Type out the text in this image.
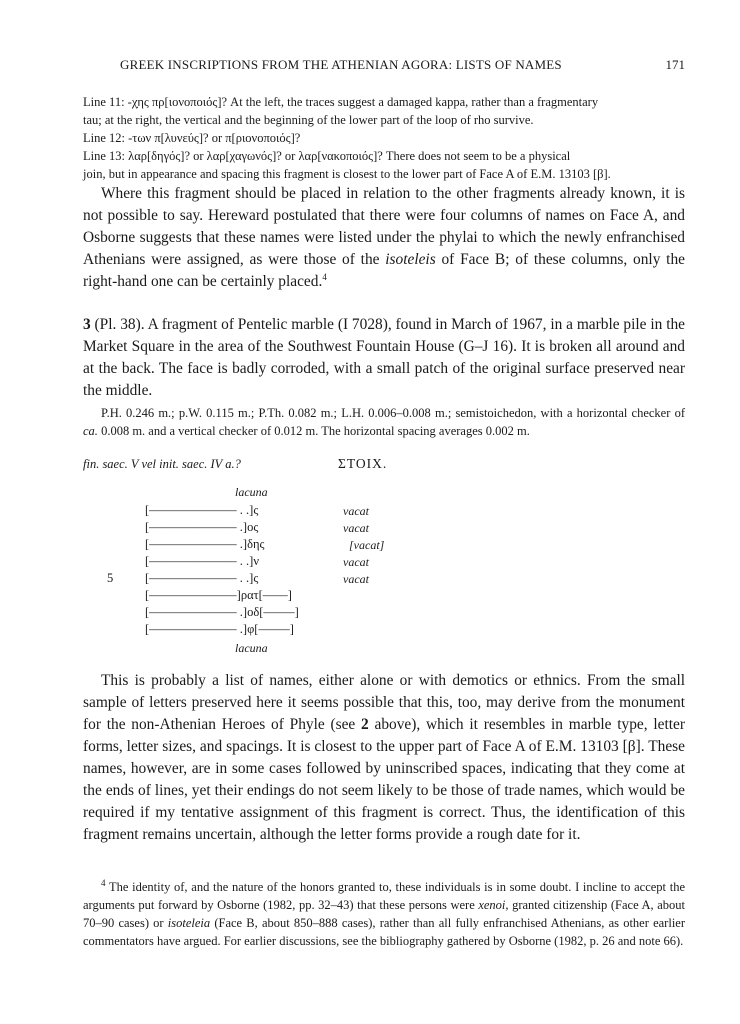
GREEK INSCRIPTIONS FROM THE ATHENIAN AGORA: LISTS OF NAMES	171

Line 11: -χ̣ης πρ[ιονοποιός]? At the left, the traces suggest a damaged kappa, rather than a fragmentary
tau; at the right, the vertical and the beginning of the lower part of the loop of rho survive.

Line 12: -των π[λυνεύς]? or π[ριονοποιός]?

Line 13: λαρ[δηγός]? or λαρ[χαγωνός]? or λαρ[νακοποιός]? There does not seem to be a physical
join, but in appearance and spacing this fragment is closest to the lower part of Face A of E.M. 13103 [β].

Where this fragment should be placed in relation to the other fragments already known, it is not possible to say. Hereward postulated that there were four columns of names on Face A, and Osborne suggests that these names were listed under the phylai to which the newly enfranchised Athenians were assigned, as were those of the isoteleis of Face B; of these columns, only the right-hand one can be certainly placed.$^4$

3 (Pl. 38). A fragment of Pentelic marble (I 7028), found in March of 1967, in a marble pile in the Market Square in the area of the Southwest Fountain House (G–J 16). It is broken all around and at the back. The face is badly corroded, with a small patch of the original surface preserved near the middle.

P.H. 0.246 m.; p.W. 0.115 m.; P.Th. 0.082 m.; L.H. 0.006–0.008 m.; semistoichedon, with a horizontal checker of ca. 0.008 m. and a vertical checker of 0.012 m. The horizontal spacing averages 0.002 m.

fin. saec. V vel init. saec. IV a.?	ΣΤΟΙΧ.
lacuna
[–––––––––––––– . .]ς	vacat
[–––––––––––––– .]ος	vacat
[–––––––––––––– .]δης	[vacat]
[–––––––––––––– . .]ν	vacat
5	[–––––––––––––– . .]ς	vacat
[––––––––––––––]ρατ[––––]
[–––––––––––––– .]οδ[–––––]
[–––––––––––––– .]φ[–––––]
lacuna

This is probably a list of names, either alone or with demotics or ethnics. From the small sample of letters preserved here it seems possible that this, too, may derive from the monument for the non-Athenian Heroes of Phyle (see 2 above), which it resembles in marble type, letter forms, letter sizes, and spacings. It is closest to the upper part of Face A of E.M. 13103 [β]. These names, however, are in some cases followed by uninscribed spaces, indicating that they come at the ends of lines, yet their endings do not seem likely to be those of trade names, which would be required if my tentative assignment of this fragment is correct. Thus, the identification of this fragment remains uncertain, although the letter forms provide a rough date for it.

$^4$ The identity of, and the nature of the honors granted to, these individuals is in some doubt. I incline to accept the arguments put forward by Osborne (1982, pp. 32–43) that these persons were xenoi, granted citizenship (Face A, about 70–90 cases) or isoteleia (Face B, about 850–888 cases), rather than all fully enfranchised Athenians, as other earlier commentators have argued. For earlier discussions, see the bibliography gathered by Osborne (1982, p. 26 and note 66).
